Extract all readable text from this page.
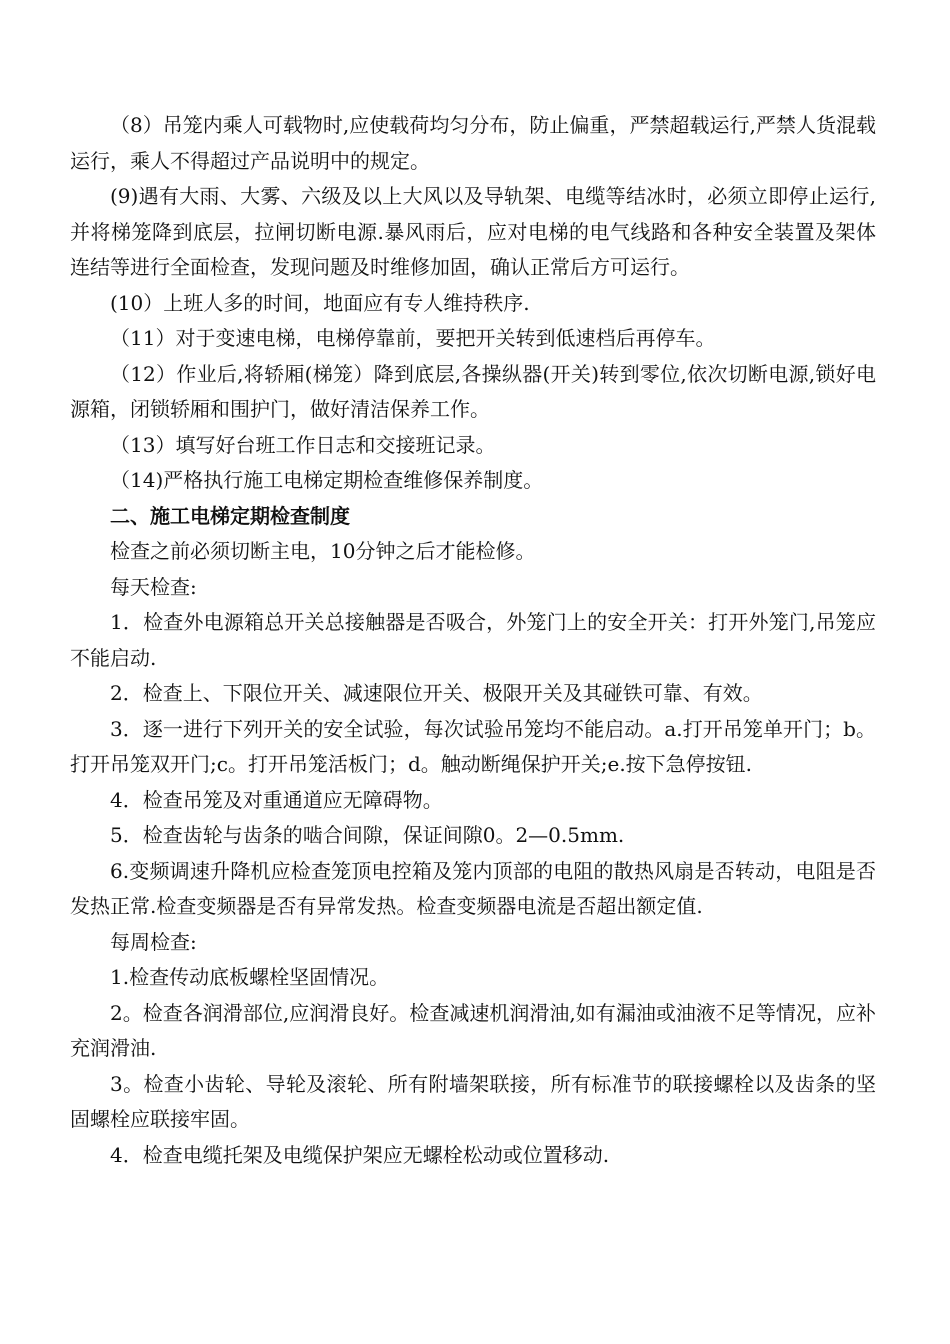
（8）吊笼内乘人可载物时,应使载荷均匀分布，防止偏重，严禁超载运行,严禁人货混载运行，乘人不得超过产品说明中的规定。

(9)遇有大雨、大雾、六级及以上大风以及导轨架、电缆等结冰时，必须立即停止运行,并将梯笼降到底层，拉闸切断电源.暴风雨后，应对电梯的电气线路和各种安全装置及架体连结等进行全面检查，发现问题及时维修加固，确认正常后方可运行。

(10）上班人多的时间，地面应有专人维持秩序.

（11）对于变速电梯，电梯停靠前，要把开关转到低速档后再停车。

（12）作业后,将轿厢(梯笼）降到底层,各操纵器(开关)转到零位,依次切断电源,锁好电源箱，闭锁轿厢和围护门，做好清洁保养工作。

（13）填写好台班工作日志和交接班记录。

（14)严格执行施工电梯定期检查维修保养制度。

二、施工电梯定期检查制度

检查之前必须切断主电，10分钟之后才能检修。

每天检查:

1．检查外电源箱总开关总接触器是否吸合，外笼门上的安全开关：打开外笼门,吊笼应不能启动.

2．检查上、下限位开关、减速限位开关、极限开关及其碰铁可靠、有效。

3．逐一进行下列开关的安全试验，每次试验吊笼均不能启动。a.打开吊笼单开门；b。打开吊笼双开门;c。打开吊笼活板门；d。触动断绳保护开关;e.按下急停按钮.

4．检查吊笼及对重通道应无障碍物。

5．检查齿轮与齿条的啮合间隙，保证间隙0。2—0.5mm.

6.变频调速升降机应检查笼顶电控箱及笼内顶部的电阻的散热风扇是否转动，电阻是否发热正常.检查变频器是否有异常发热。检查变频器电流是否超出额定值.

每周检查:

1.检查传动底板螺栓坚固情况。

2。检查各润滑部位,应润滑良好。检查减速机润滑油,如有漏油或油液不足等情况，应补充润滑油.

3。检查小齿轮、导轮及滚轮、所有附墙架联接，所有标准节的联接螺栓以及齿条的坚固螺栓应联接牢固。

4．检查电缆托架及电缆保护架应无螺栓松动或位置移动.
